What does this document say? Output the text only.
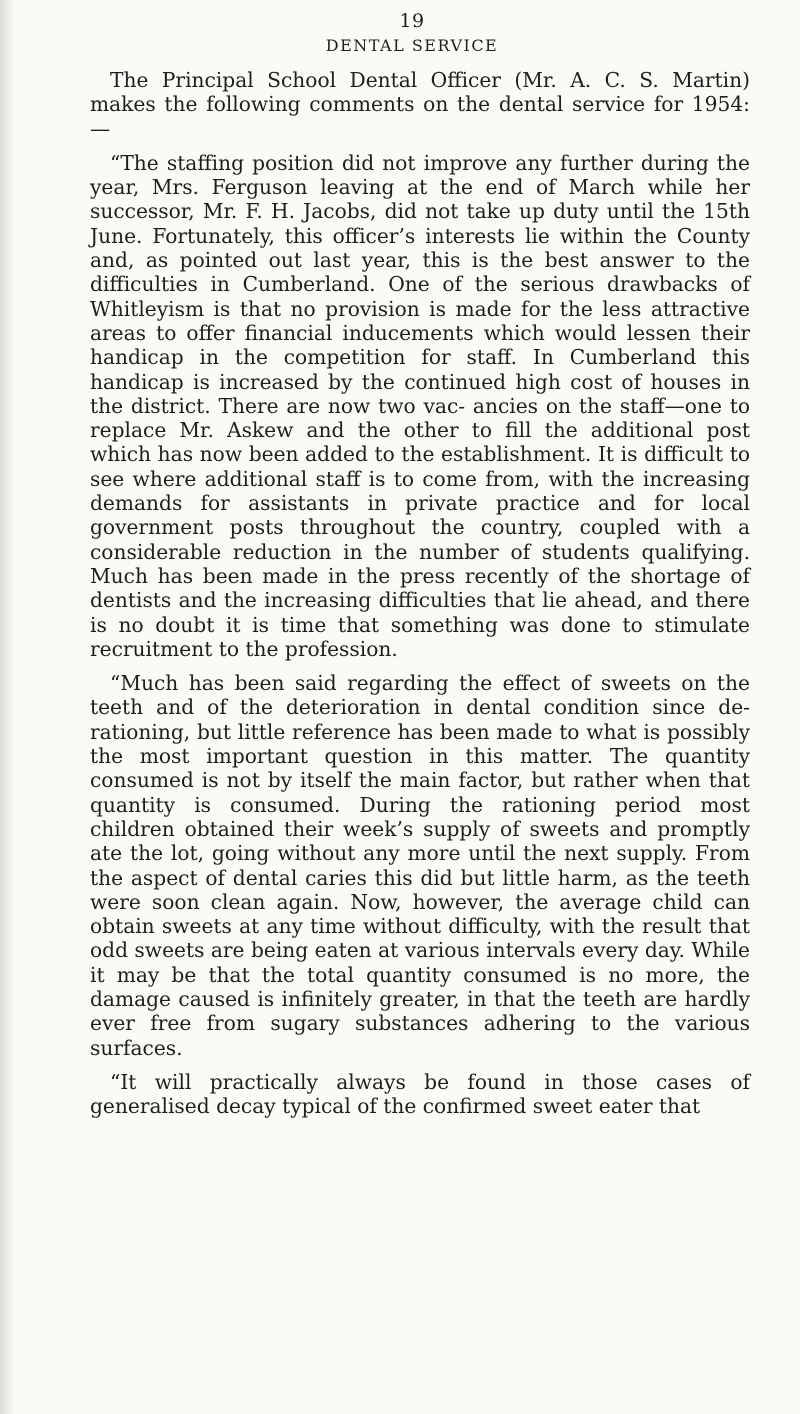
19
DENTAL SERVICE

The Principal School Dental Officer (Mr. A. C. S. Martin) makes the following comments on the dental service for 1954: —

“The staffing position did not improve any further during the year, Mrs. Ferguson leaving at the end of March while her successor, Mr. F. H. Jacobs, did not take up duty until the 15th June. Fortunately, this officer’s interests lie within the County and, as pointed out last year, this is the best answer to the difficulties in Cumberland. One of the serious drawbacks of Whitleyism is that no provision is made for the less attractive areas to offer financial inducements which would lessen their handicap in the competition for staff. In Cumberland this handicap is increased by the continued high cost of houses in the district. There are now two vac- ancies on the staff—one to replace Mr. Askew and the other to fill the additional post which has now been added to the establishment. It is difficult to see where additional staff is to come from, with the increasing demands for assistants in private practice and for local government posts throughout the country, coupled with a considerable reduction in the number of students qualifying. Much has been made in the press recently of the shortage of dentists and the increasing difficulties that lie ahead, and there is no doubt it is time that something was done to stimulate recruitment to the profession.

“Much has been said regarding the effect of sweets on the teeth and of the deterioration in dental condition since de-rationing, but little reference has been made to what is possibly the most important question in this matter. The quantity consumed is not by itself the main factor, but rather when that quantity is consumed. During the rationing period most children obtained their week’s supply of sweets and promptly ate the lot, going without any more until the next supply. From the aspect of dental caries this did but little harm, as the teeth were soon clean again. Now, however, the average child can obtain sweets at any time without difficulty, with the result that odd sweets are being eaten at various intervals every day. While it may be that the total quantity consumed is no more, the damage caused is infinitely greater, in that the teeth are hardly ever free from sugary substances adhering to the various surfaces.

“It will practically always be found in those cases of generalised decay typical of the confirmed sweet eater that
